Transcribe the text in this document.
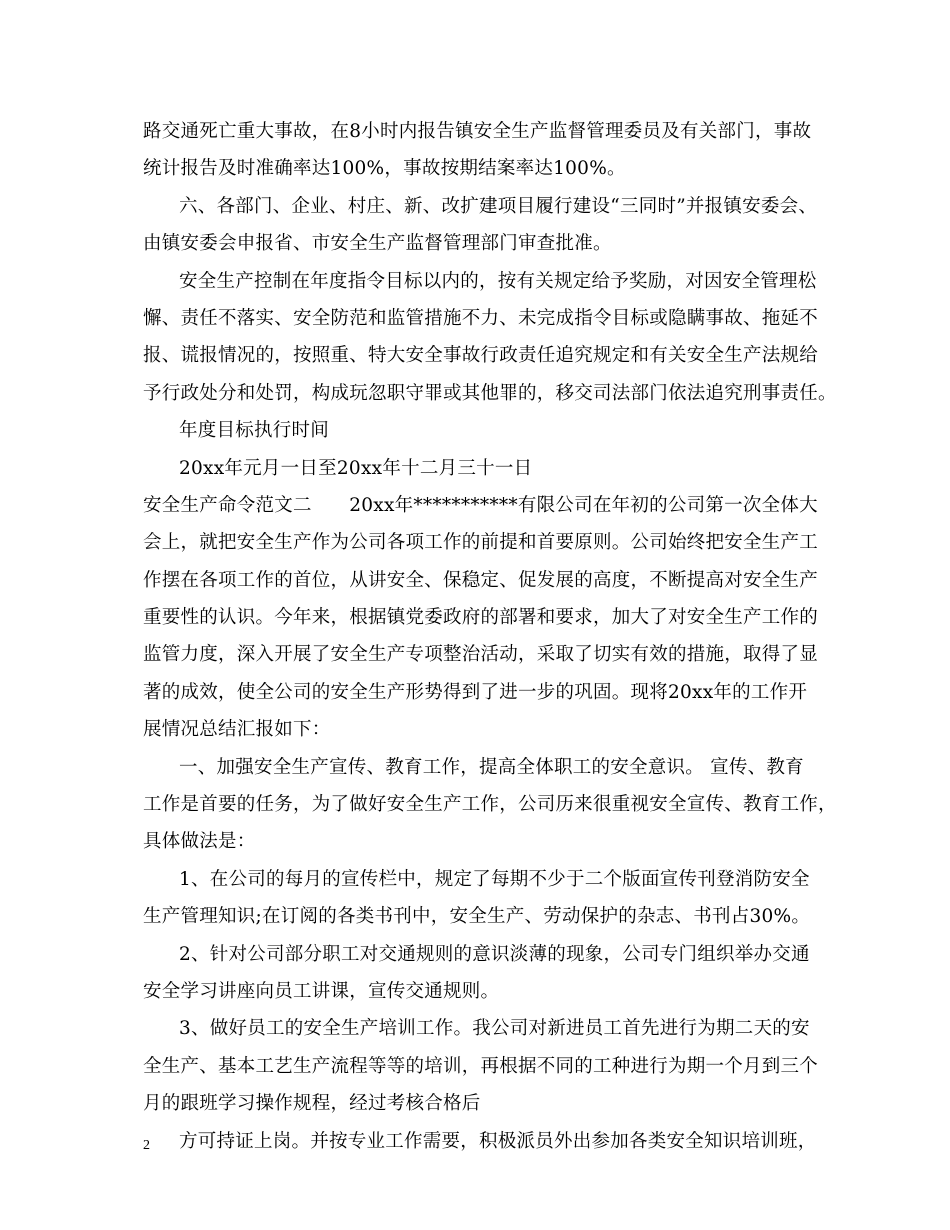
路交通死亡重大事故，在8小时内报告镇安全生产监督管理委员及有关部门，事故
统计报告及时准确率达100%，事故按期结案率达100%。
六、各部门、企业、村庄、新、改扩建项目履行建设“三同时”并报镇安委会、
由镇安委会申报省、市安全生产监督管理部门审查批准。
安全生产控制在年度指令目标以内的，按有关规定给予奖励，对因安全管理松
懈、责任不落实、安全防范和监管措施不力、未完成指令目标或隐瞒事故、拖延不
报、谎报情况的，按照重、特大安全事故行政责任追究规定和有关安全生产法规给
予行政处分和处罚，构成玩忽职守罪或其他罪的，移交司法部门依法追究刑事责任。
年度目标执行时间
20xx年元月一日至20xx年十二月三十一日
安全生产命令范文二　　20xx年***********有限公司在年初的公司第一次全体大
会上，就把安全生产作为公司各项工作的前提和首要原则。公司始终把安全生产工
作摆在各项工作的首位，从讲安全、保稳定、促发展的高度，不断提高对安全生产
重要性的认识。今年来，根据镇党委政府的部署和要求，加大了对安全生产工作的
监管力度，深入开展了安全生产专项整治活动，采取了切实有效的措施，取得了显
著的成效，使全公司的安全生产形势得到了进一步的巩固。现将20xx年的工作开
展情况总结汇报如下：
一、加强安全生产宣传、教育工作，提高全体职工的安全意识。 宣传、教育
工作是首要的任务，为了做好安全生产工作，公司历来很重视安全宣传、教育工作，
具体做法是：
1、在公司的每月的宣传栏中，规定了每期不少于二个版面宣传刊登消防安全
生产管理知识;在订阅的各类书刊中，安全生产、劳动保护的杂志、书刊占30%。
2、针对公司部分职工对交通规则的意识淡薄的现象，公司专门组织举办交通
安全学习讲座向员工讲课，宣传交通规则。
3、做好员工的安全生产培训工作。我公司对新进员工首先进行为期二天的安
全生产、基本工艺生产流程等等的培训，再根据不同的工种进行为期一个月到三个
月的跟班学习操作规程，经过考核合格后
方可持证上岗。并按专业工作需要，积极派员外出参加各类安全知识培训班，
2
